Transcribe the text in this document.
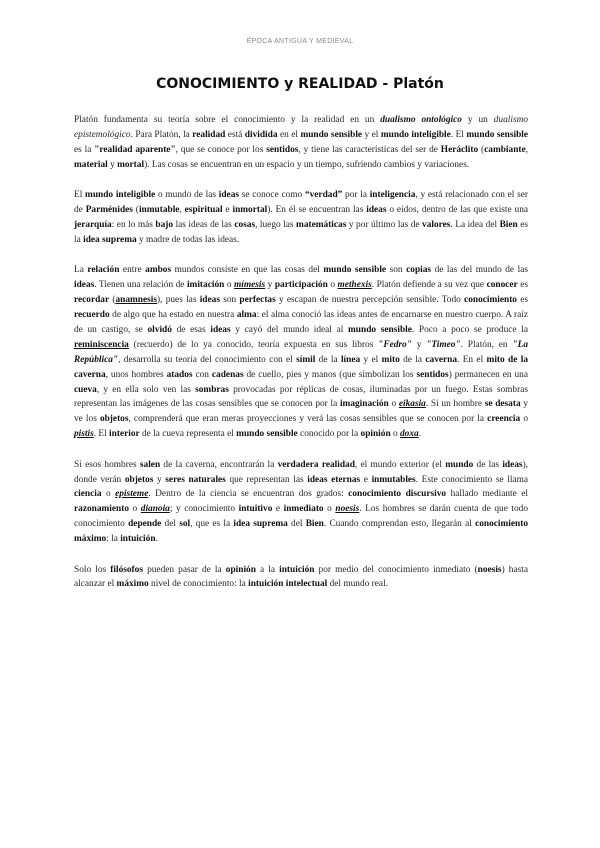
ÉPOCA ANTIGUA Y MEDIEVAL
CONOCIMIENTO y REALIDAD - Platón

Platón fundamenta su teoría sobre el conocimiento y la realidad en un dualismo ontológico y un dualismo epistemológico. Para Platón, la realidad está dividida en el mundo sensible y el mundo inteligible. El mundo sensible es la "realidad aparente", que se conoce por los sentidos, y tiene las características del ser de Heráclito (cambiante, material y mortal). Las cosas se encuentran en un espacio y un tiempo, sufriendo cambios y variaciones.

El mundo inteligible o mundo de las ideas se conoce como “verdad” por la inteligencia, y está relacionado con el ser de Parménides (inmutable, espiritual e inmortal). En él se encuentran las ideas o eidos, dentro de las que existe una jerarquía: en lo más bajo las ideas de las cosas, luego las matemáticas y por último las de valores. La idea del Bien es la idea suprema y madre de todas las ideas.

La relación entre ambos mundos consiste en que las cosas del mundo sensible son copias de las del mundo de las ideas. Tienen una relación de imitación o mímesis y participación o methexis. Platón defiende a su vez que conocer es recordar (anamnesis), pues las ideas son perfectas y escapan de nuestra percepción sensible. Todo conocimiento es recuerdo de algo que ha estado en nuestra alma: el alma conoció las ideas antes de encarnarse en nuestro cuerpo. A raíz de un castigo, se olvidó de esas ideas y cayó del mundo ideal al mundo sensible. Poco a poco se produce la reminiscencia (recuerdo) de lo ya conocido, teoría expuesta en sus libros "Fedro" y "Timeo". Platón, en "La República", desarrolla su teoría del conocimiento con el símil de la línea y el mito de la caverna. En el mito de la caverna, unos hombres atados con cadenas de cuello, pies y manos (que simbolizan los sentidos) permanecen en una cueva, y en ella solo ven las sombras provocadas por réplicas de cosas, iluminadas por un fuego. Estas sombras representan las imágenes de las cosas sensibles que se conocen por la imaginación o eikasia. Si un hombre se desata y ve los objetos, comprenderá que eran meras proyecciones y verá las cosas sensibles que se conocen por la creencia o pistis. El interior de la cueva representa el mundo sensible conocido por la opinión o doxa.

Si esos hombres salen de la caverna, encontrarán la verdadera realidad, el mundo exterior (el mundo de las ideas), donde verán objetos y seres naturales que representan las ideas eternas e inmutables. Este conocimiento se llama ciencia o episteme. Dentro de la ciencia se encuentran dos grados: conocimiento discursivo hallado mediante el razonamiento o dianoia; y conocimiento intuitivo e inmediato o noesis. Los hombres se darán cuenta de que todo conocimiento depende del sol, que es la idea suprema del Bien. Cuando comprendan esto, llegarán al conocimiento máximo: la intuición.

Solo los filósofos pueden pasar de la opinión a la intuición por medio del conocimiento inmediato (noesis) hasta alcanzar el máximo nivel de conocimiento: la intuición intelectual del mundo real.
